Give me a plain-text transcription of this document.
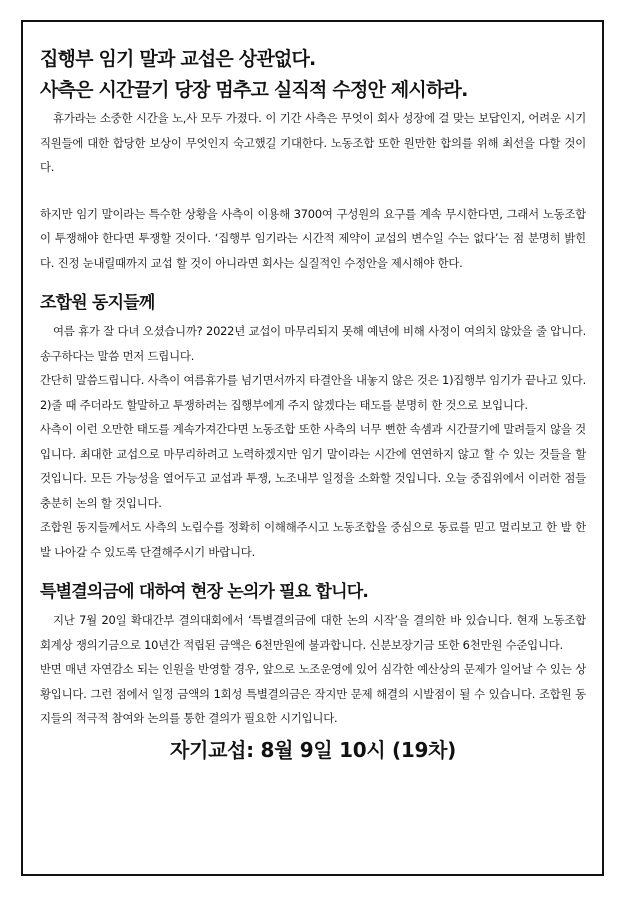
집행부 임기 말과 교섭은 상관없다.
사측은 시간끌기 당장 멈추고 실직적 수정안 제시하라.

휴가라는 소중한 시간을 노,사 모두 가졌다. 이 기간 사측은 무엇이 회사 성장에 걸 맞는 보답인지, 어려운 시기 직원들에 대한 합당한 보상이 무엇인지 숙고했길 기대한다. 노동조합 또한 원만한 합의를 위해 최선을 다할 것이다.

하지만 임기 말이라는 특수한 상황을 사측이 이용해 3700여 구성원의 요구를 계속 무시한다면, 그래서 노동조합이 투쟁해야 한다면 투쟁할 것이다. ‘집행부 임기라는 시간적 제약이 교섭의 변수일 수는 없다’는 점 분명히 밝힌다. 진정 눈내릴때까지 교섭 할 것이 아니라면 회사는 실질적인 수정안을 제시해야 한다.

조합원 동지들께

여름 휴가 잘 다녀 오셨습니까? 2022년 교섭이 마무리되지 못해 예년에 비해 사정이 여의치 않았을 줄 압니다. 송구하다는 말씀 먼저 드립니다.

간단히 말씀드립니다. 사측이 여름휴가를 넘기면서까지 타결안을 내놓지 않은 것은 1)집행부 임기가 끝나고 있다. 2)줄 때 주더라도 할말하고 투쟁하려는 집행부에게 주지 않겠다는 태도를 분명히 한 것으로 보입니다.

사측이 이런 오만한 태도를 계속가져간다면 노동조합 또한 사측의 너무 뻔한 속셈과 시간끌기에 말려들지 않을 것입니다. 최대한 교섭으로 마무리하려고 노력하겠지만 임기 말이라는 시간에 연연하지 않고 할 수 있는 것들을 할 것입니다. 모든 가능성을 열어두고 교섭과 투쟁, 노조내부 일정을 소화할 것입니다. 오늘 중집위에서 이러한 점들 충분히 논의 할 것입니다.

조합원 동지들께서도 사측의 노림수를 정확히 이해해주시고 노동조합을 중심으로 동료를 믿고 멀리보고 한 발 한 발 나아갈 수 있도록 단결해주시기 바랍니다.

특별결의금에 대하여 현장 논의가 필요 합니다.

지난 7월 20일 확대간부 결의대회에서 ‘특별결의금에 대한 논의 시작’을 결의한 바 있습니다. 현재 노동조합 회계상 쟁의기금으로 10년간 적립된 금액은 6천만원에 불과합니다. 신분보장기금 또한 6천만원 수준입니다.

반면 매년 자연감소 되는 인원을 반영할 경우, 앞으로 노조운영에 있어 심각한 예산상의 문제가 일어날 수 있는 상황입니다. 그런 점에서 일정 금액의 1회성 특별결의금은 작지만 문제 해결의 시발점이 될 수 있습니다. 조합원 동지들의 적극적 참여와 논의를 통한 결의가 필요한 시기입니다.

자기교섭: 8월 9일 10시 (19차)
